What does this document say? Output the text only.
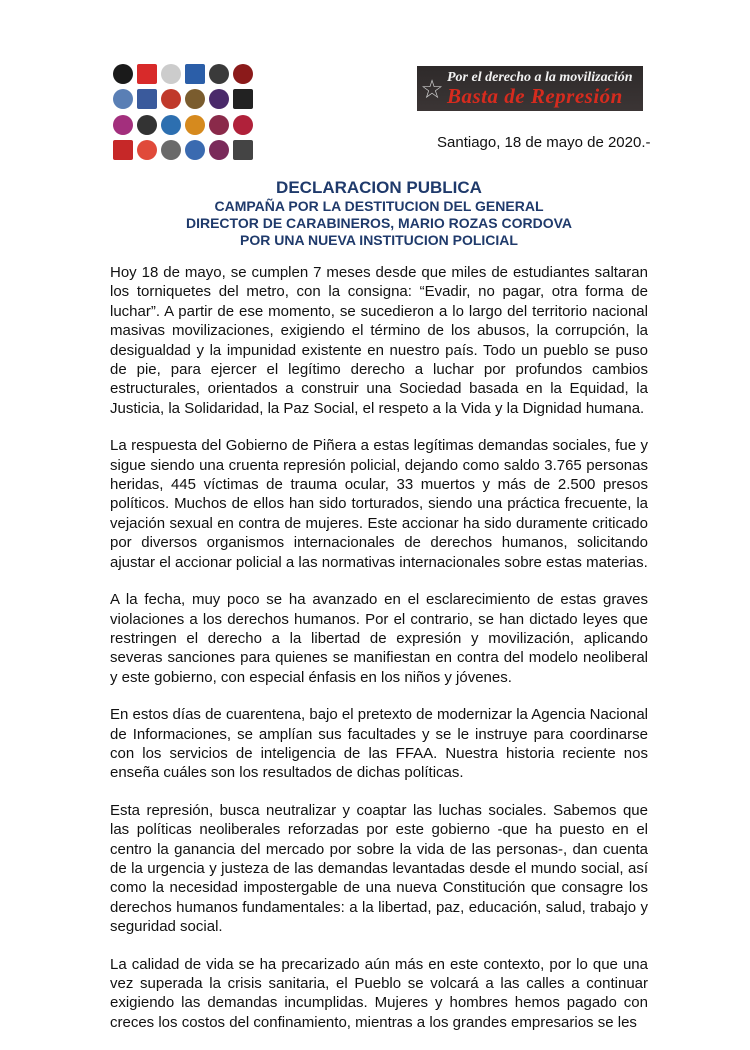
☆ Por el derecho a la movilización
Basta de Represión
Santiago, 18 de mayo de 2020.-
DECLARACION PUBLICA
CAMPAÑA POR LA DESTITUCION DEL GENERAL
DIRECTOR DE CARABINEROS, MARIO ROZAS CORDOVA
POR UNA NUEVA INSTITUCION POLICIAL

Hoy 18 de mayo, se cumplen 7 meses desde que miles de estudiantes saltaran los torniquetes del metro, con la consigna: “Evadir, no pagar, otra forma de luchar”. A partir de ese momento, se sucedieron a lo largo del territorio nacional masivas movilizaciones, exigiendo el término de los abusos, la corrupción, la desigualdad y la impunidad existente en nuestro país. Todo un pueblo se puso de pie, para ejercer el legítimo derecho a luchar por profundos cambios estructurales, orientados a construir una Sociedad basada en la Equidad, la Justicia, la Solidaridad, la Paz Social, el respeto a la Vida y la Dignidad humana.

La respuesta del Gobierno de Piñera a estas legítimas demandas sociales, fue y sigue siendo una cruenta represión policial, dejando como saldo 3.765 personas heridas, 445 víctimas de trauma ocular, 33 muertos y más de 2.500 presos políticos. Muchos de ellos han sido torturados, siendo una práctica frecuente, la vejación sexual en contra de mujeres. Este accionar ha sido duramente criticado por diversos organismos internacionales de derechos humanos, solicitando ajustar el accionar policial a las normativas internacionales sobre estas materias.

A la fecha, muy poco se ha avanzado en el esclarecimiento de estas graves violaciones a los derechos humanos. Por el contrario, se han dictado leyes que restringen el derecho a la libertad de expresión y movilización, aplicando severas sanciones para quienes se manifiestan en contra del modelo neoliberal y este gobierno, con especial énfasis en los niños y jóvenes.

En estos días de cuarentena, bajo el pretexto de modernizar la Agencia Nacional de Informaciones, se amplían sus facultades y se le instruye para coordinarse con los servicios de inteligencia de las FFAA. Nuestra historia reciente nos enseña cuáles son los resultados de dichas políticas.

Esta represión, busca neutralizar y coaptar las luchas sociales. Sabemos que las políticas neoliberales reforzadas por este gobierno -que ha puesto en el centro la ganancia del mercado por sobre la vida de las personas-, dan cuenta de la urgencia y justeza de las demandas levantadas desde el mundo social, así como la necesidad impostergable de una nueva Constitución que consagre los derechos humanos fundamentales: a la libertad, paz, educación, salud, trabajo y seguridad social.

La calidad de vida se ha precarizado aún más en este contexto, por lo que una vez superada la crisis sanitaria, el Pueblo se volcará a las calles a continuar exigiendo las demandas incumplidas. Mujeres y hombres hemos pagado con creces los costos del confinamiento, mientras a los grandes empresarios se les
